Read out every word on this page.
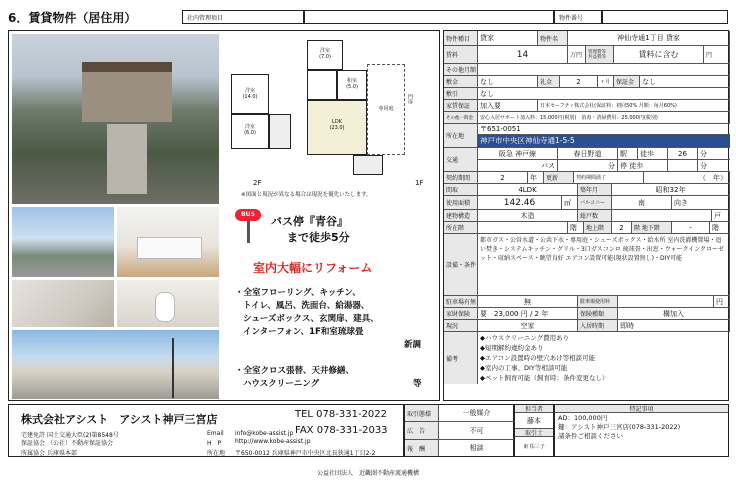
6．賃貸物件（居住用）	社内管理項目	物件番号
洋室
(14.0)
洋室
(6.0)
2F
洋室
(7.0)
和室
(5.0)
LDK
(23.0)
専用庭
門扉
1F
※図面と現況が異なる場合は現況を優先いたします。
BUS
バス停『青谷』
まで徒歩5分
室内大幅にリフォーム
・全室フローリング、キッチン、
トイレ、風呂、洗面台、給湯器、
シューズボックス、玄関扉、建具、
インターフォン、1F和室琉球畳
新調
・全室クロス張替、天井修繕、
ハウスクリーニング	等
物件種目	貸家	物件名	神仙寺通1丁目 貸家
賃料	14	万円	管理費等 共益費等	賃料に含む	円
その他月額
敷金	なし	礼金	2	ヶ月 保証金	なし
敷引	なし
家賃保証	加入要	日本セーフティ株式会社(保証料：初回50% 月額：毎月60%)
その他一時金	安心入居サポート加入料：15,000円(税別)　消毒・清掃費用：25,000円(税別)
所在地
〒651-0051
神戸市中央区神仙寺通1-5-5
交通
阪急 神戸線	春日野道	駅	徒歩	26	分
バス	分 停 徒歩	分
契約期間	2	年	更新	契約期間満了	（　年）
間取	4LDK	築年月	昭和32年
使用面積	142.46	㎡	バルコニー	南	向き
建物構造	木造	総戸数	戸
所在階	階	地上階	2	階 地下階	-	階
設備・条件
都市ガス・公営水道・公共下水・専用庭・シューズボックス・給水所 室内洗濯機置場・追い焚き・システムキッチン・グリル・3口ガスコンロ 琉球畳・出窓・ウォークインクローゼット・収納スペース・眺望良好 エアコン設置可能(現状設置無し)・DIY可能
駐車場有無	無	駐車場使用料	円
家財保険	要　23,000 円 / 2 年	保険種類	構加入
現況	空家	入居時期	即時
備考
◆ハウスクリーニング費用あり
◆短期解約違約金あり
◆エアコン設置時の壁穴あけ等相談可能
◆室内の工事、DIY等相談可能
◆ペット飼育可能（飼育時：条件変更なし）
株式会社アシスト　アシスト神戸三宮店	TEL 078-331-2022
FAX 078-331-2033
宅建免許 国土交通大臣(2)第8548号
保証協会 （公社）不動産保証協会
所属協会 兵庫県本部
Email info@kobe-assist.jp
H　P http://www.kobe-assist.jp
所在地 〒650-0012 兵庫県神戸市中央区北長狭通1丁目2-2
取引態様	一般媒介
広　告	不可
報　酬	相談
担当者
藤本
取引士
東 佑三子
特記事項
AD：100,000円
鍵：アシスト神戸三宮店(078-331-2022)
諸条件ご相談ください
公益社団法人　近畿圏不動産流通機構
